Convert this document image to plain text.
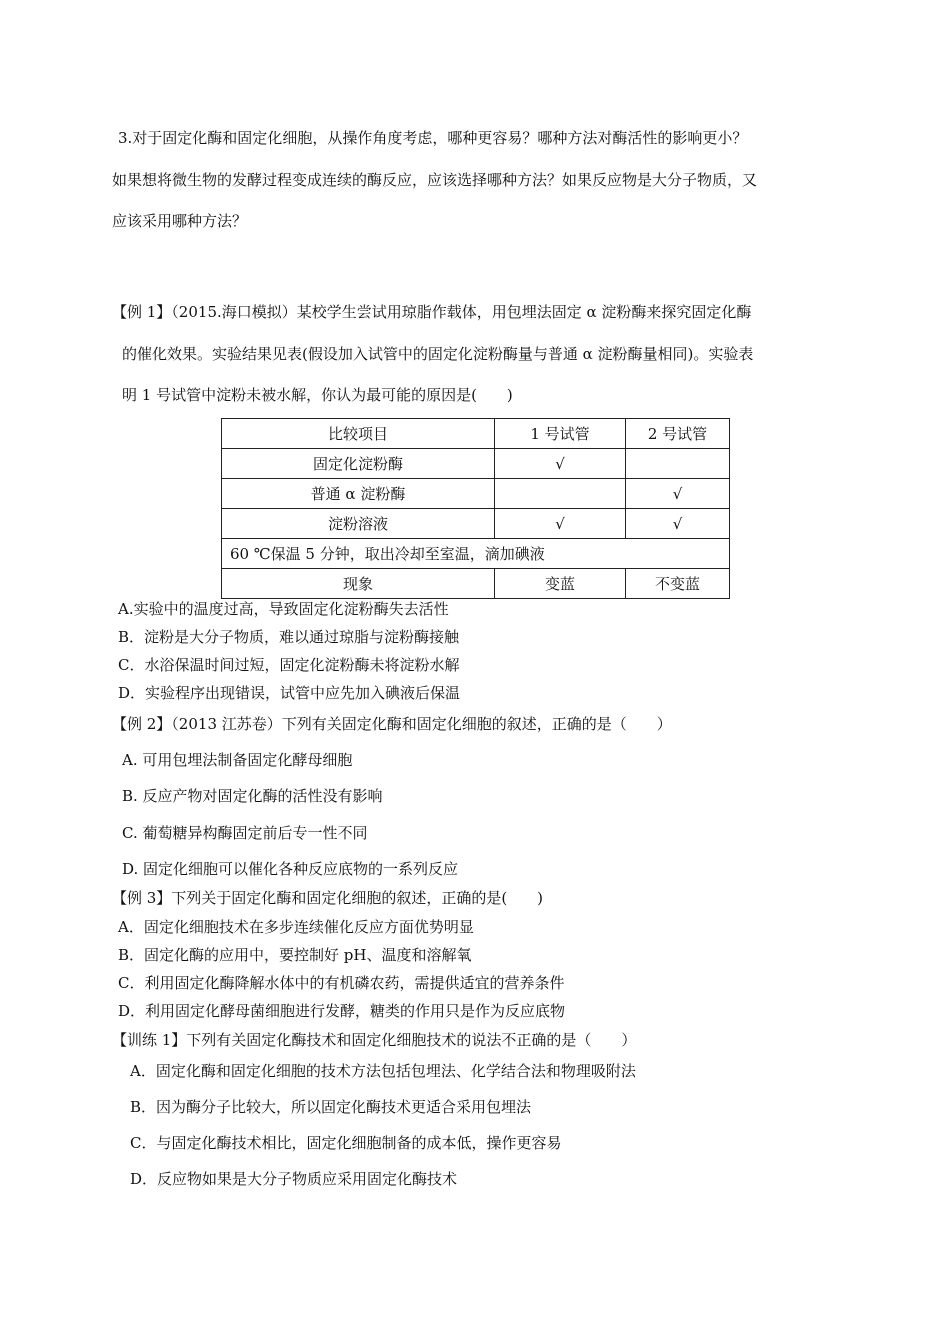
3.对于固定化酶和固定化细胞，从操作角度考虑，哪种更容易？哪种方法对酶活性的影响更小？
如果想将微生物的发酵过程变成连续的酶反应，应该选择哪种方法？如果反应物是大分子物质，又
应该采用哪种方法？
【例 1】（2015.海口模拟）某校学生尝试用琼脂作载体，用包埋法固定 α 淀粉酶来探究固定化酶
的催化效果。实验结果见表(假设加入试管中的固定化淀粉酶量与普通 α 淀粉酶量相同)。实验表
明 1 号试管中淀粉未被水解，你认为最可能的原因是(　　)
比较项目	1 号试管	2 号试管
固定化淀粉酶	√	
普通 α 淀粉酶		√
淀粉溶液	√	√
60 ℃保温 5 分钟，取出冷却至室温，滴加碘液		
现象	变蓝	不变蓝
A.实验中的温度过高，导致固定化淀粉酶失去活性
B．淀粉是大分子物质，难以通过琼脂与淀粉酶接触
C．水浴保温时间过短，固定化淀粉酶未将淀粉水解
D．实验程序出现错误，试管中应先加入碘液后保温
【例 2】（2013 江苏卷）下列有关固定化酶和固定化细胞的叙述，正确的是（　　）
A. 可用包埋法制备固定化酵母细胞
B. 反应产物对固定化酶的活性没有影响
C. 葡萄糖异构酶固定前后专一性不同
D. 固定化细胞可以催化各种反应底物的一系列反应
【例 3】下列关于固定化酶和固定化细胞的叙述，正确的是(　　)
A．固定化细胞技术在多步连续催化反应方面优势明显
B．固定化酶的应用中，要控制好 pH、温度和溶解氧
C．利用固定化酶降解水体中的有机磷农药，需提供适宜的营养条件
D．利用固定化酵母菌细胞进行发酵，糖类的作用只是作为反应底物
【训练 1】下列有关固定化酶技术和固定化细胞技术的说法不正确的是（　　）
A．固定化酶和固定化细胞的技术方法包括包埋法、化学结合法和物理吸附法
B．因为酶分子比较大，所以固定化酶技术更适合采用包埋法
C．与固定化酶技术相比，固定化细胞制备的成本低，操作更容易
D．反应物如果是大分子物质应采用固定化酶技术
